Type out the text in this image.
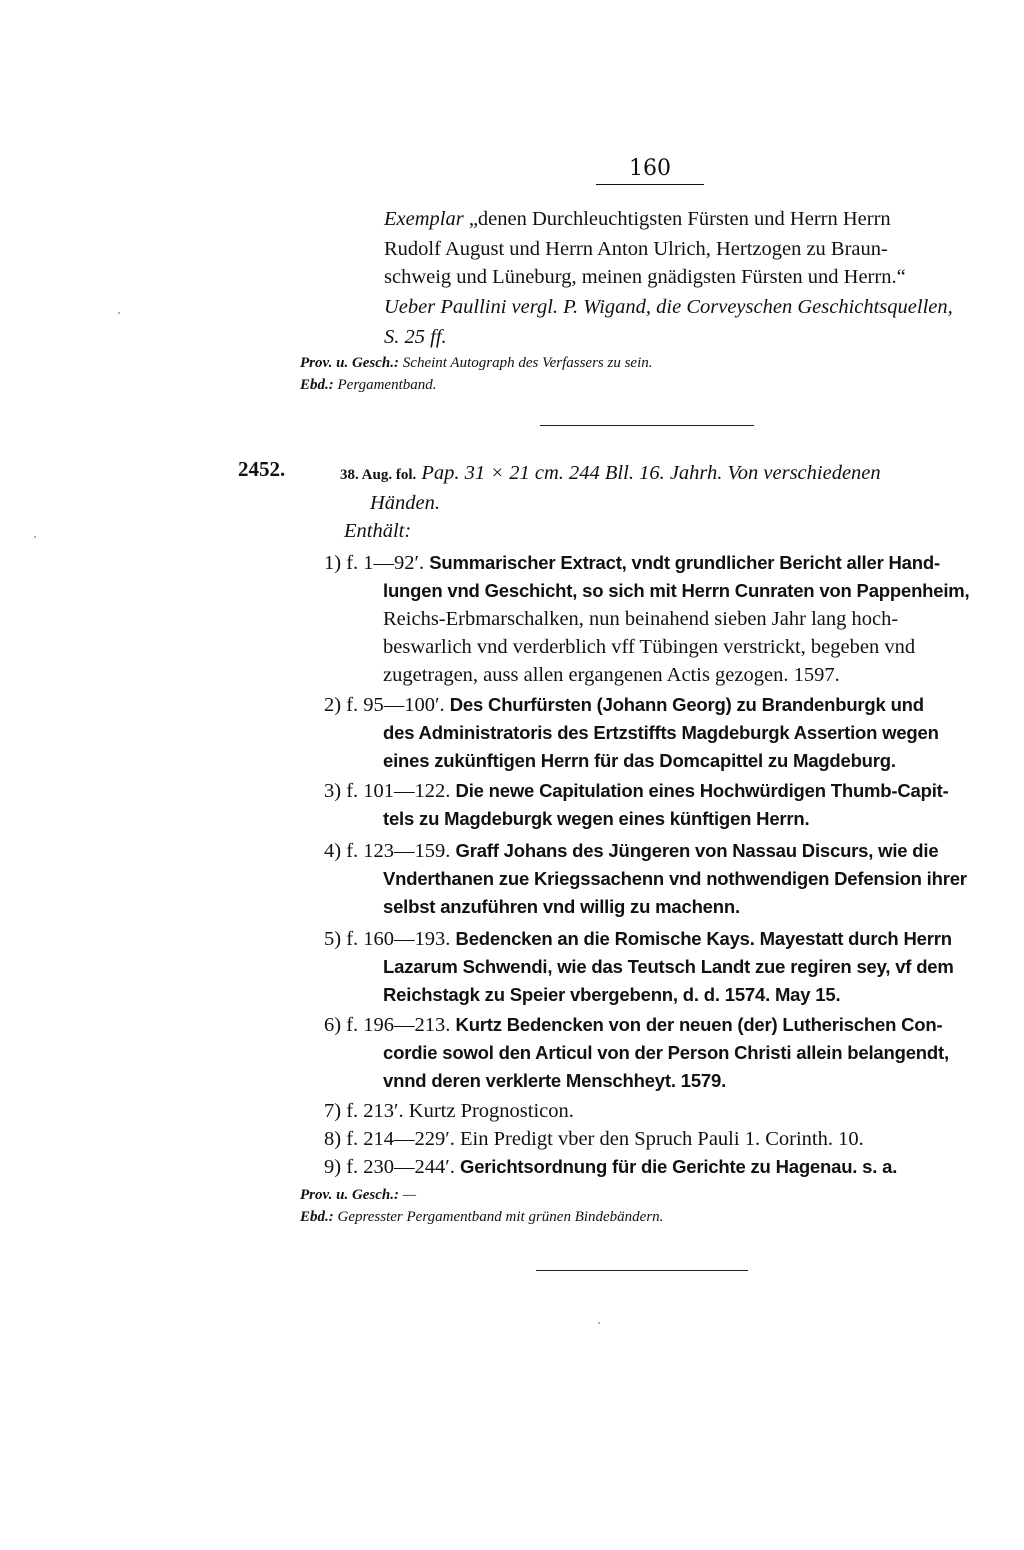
160
Exemplar „denen Durchleuchtigsten Fürsten und Herrn Herrn
Rudolf August und Herrn Anton Ulrich, Hertzogen zu Braun-
schweig und Lüneburg, meinen gnädigsten Fürsten und Herrn.“
Ueber Paullini vergl. P. Wigand, die Corveyschen Geschichtsquellen,
S. 25 ff.
Prov. u. Gesch.: Scheint Autograph des Verfassers zu sein.
Ebd.: Pergamentband.
2452.	38. Aug. fol. Pap. 31 × 21 cm. 244 Bll. 16. Jahrh. Von verschiedenen
Händen.
Enthält:
1) f. 1—92′. Summarischer Extract, vndt grundlicher Bericht aller Hand-
lungen vnd Geschicht, so sich mit Herrn Cunraten von Pappenheim,
Reichs-Erbmarschalken, nun beinahend sieben Jahr lang hoch-
beswarlich vnd verderblich vff Tübingen verstrickt, begeben vnd
zugetragen, auss allen ergangenen Actis gezogen. 1597.
2) f. 95—100′. Des Churfürsten (Johann Georg) zu Brandenburgk und
des Administratoris des Ertzstiffts Magdeburgk Assertion wegen
eines zukünftigen Herrn für das Domcapittel zu Magdeburg.
3) f. 101—122. Die newe Capitulation eines Hochwürdigen Thumb-Capit-
tels zu Magdeburgk wegen eines künftigen Herrn.
4) f. 123—159. Graff Johans des Jüngeren von Nassau Discurs, wie die
Vnderthanen zue Kriegssachenn vnd nothwendigen Defension ihrer
selbst anzuführen vnd willig zu machenn.
5) f. 160—193. Bedencken an die Romische Kays. Mayestatt durch Herrn
Lazarum Schwendi, wie das Teutsch Landt zue regiren sey, vf dem
Reichstagk zu Speier vbergebenn, d. d. 1574. May 15.
6) f. 196—213. Kurtz Bedencken von der neuen (der) Lutherischen Con-
cordie sowol den Articul von der Person Christi allein belangendt,
vnnd deren verklerte Menschheyt. 1579.
7) f. 213′. Kurtz Prognosticon.
8) f. 214—229′. Ein Predigt vber den Spruch Pauli 1. Corinth. 10.
9) f. 230—244′. Gerichtsordnung für die Gerichte zu Hagenau. s. a.
Prov. u. Gesch.: —
Ebd.: Gepresster Pergamentband mit grünen Bindebändern.
